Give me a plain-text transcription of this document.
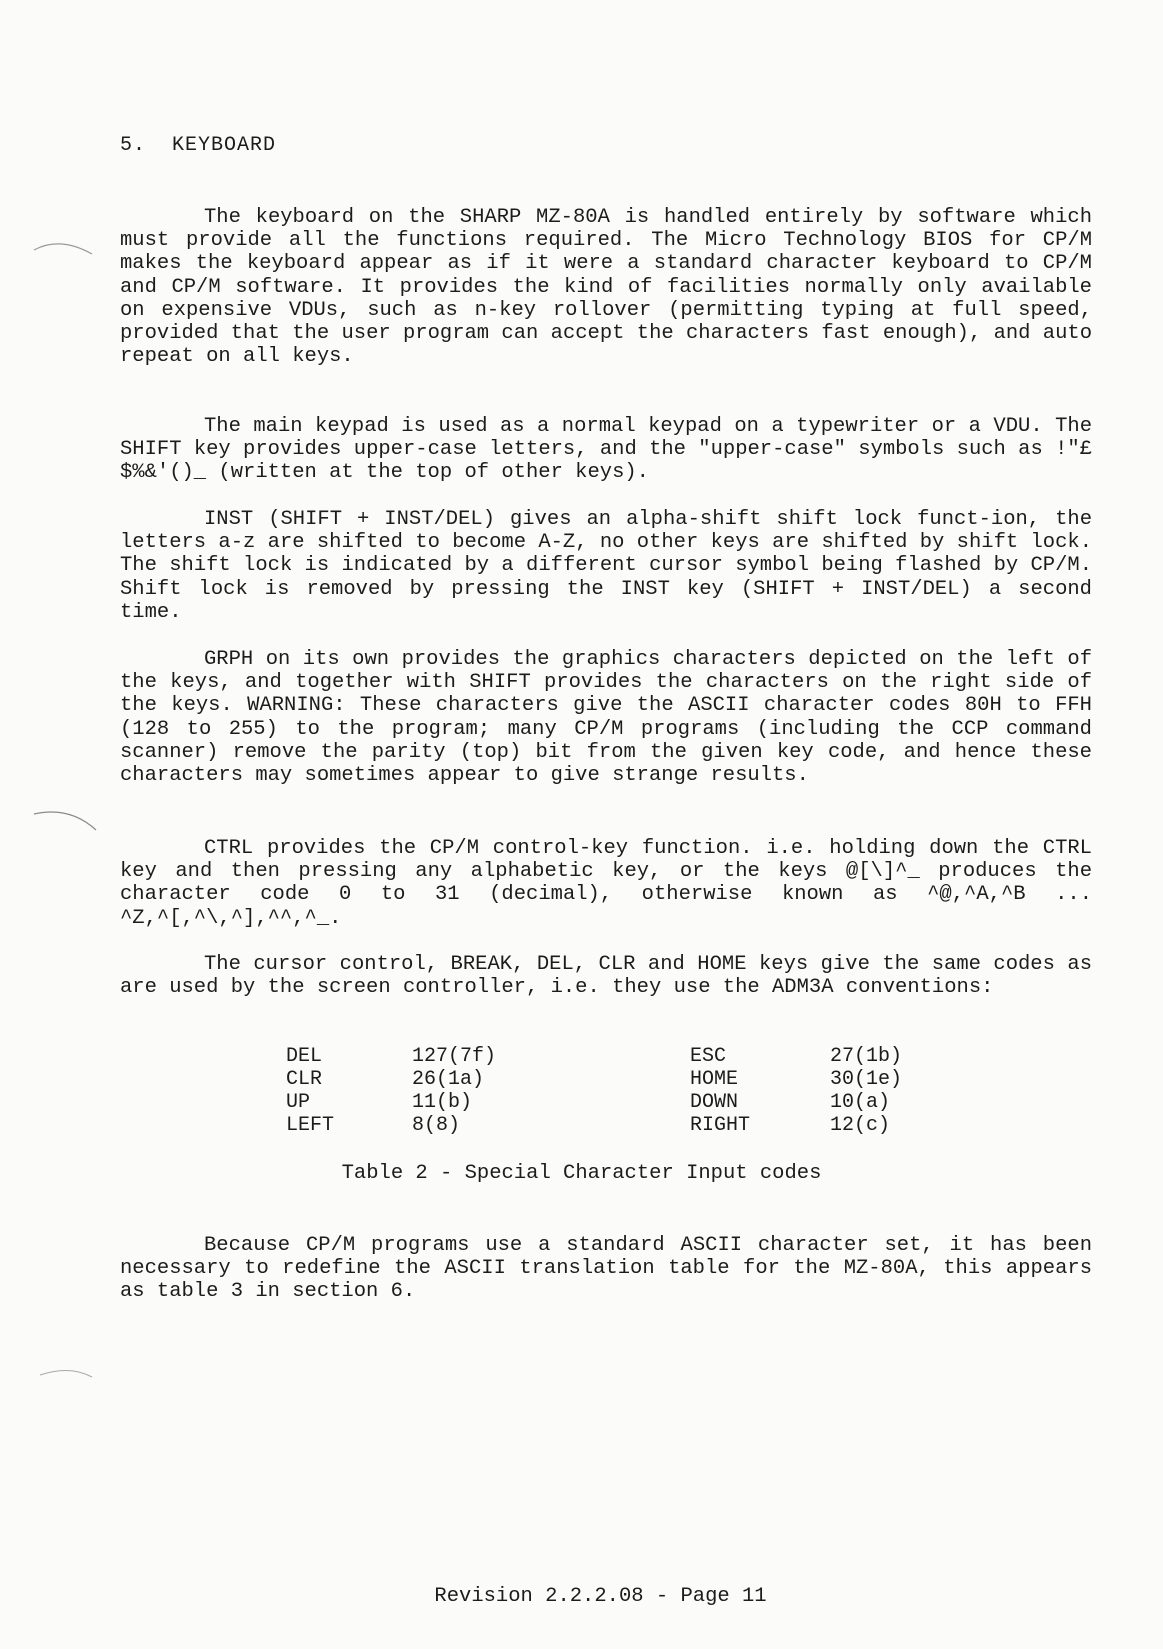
5.  KEYBOARD

The keyboard on the SHARP MZ-80A is handled entirely by software which must provide all the functions required. The Micro Technology BIOS for CP/M makes the keyboard appear as if it were a standard character keyboard to CP/M and CP/M software. It provides the kind of facilities normally only available on expensive VDUs, such as n-key rollover (permitting typing at full speed, provided that the user program can accept the characters fast enough), and auto repeat on all keys.

The main keypad is used as a normal keypad on a typewriter or a VDU. The SHIFT key provides upper-case letters, and the "upper-case" symbols such as !"£$%&'()_ (written at the top of other keys).

INST (SHIFT + INST/DEL) gives an alpha-shift shift lock funct-ion, the letters a-z are shifted to become A-Z, no other keys are shifted by shift lock. The shift lock is indicated by a different cursor symbol being flashed by CP/M. Shift lock is removed by pressing the INST key (SHIFT + INST/DEL) a second time.

GRPH on its own provides the graphics characters depicted on the left of the keys, and together with SHIFT provides the characters on the right side of the keys. WARNING: These characters give the ASCII character codes 80H to FFH (128 to 255) to the program; many CP/M programs (including the CCP command scanner) remove the parity (top) bit from the given key code, and hence these characters may sometimes appear to give strange results.

CTRL provides the CP/M control-key function. i.e. holding down the CTRL key and then pressing any alphabetic key, or the keys @[\]^_ produces the character code 0 to 31 (decimal), otherwise known as ^@,^A,^B ... ^Z,^[,^\,^],^^,^_.

The cursor control, BREAK, DEL, CLR and HOME keys give the same codes as are used by the screen controller, i.e. they use the ADM3A conventions:

DEL	127(7f)	ESC	27(1b)
CLR	26(1a)	HOME	30(1e)
UP	11(b)	DOWN	10(a)
LEFT	8(8)	RIGHT	12(c)
Table 2 - Special Character Input codes

Because CP/M programs use a standard ASCII character set, it has been necessary to redefine the ASCII translation table for the MZ-80A, this appears as table 3 in section 6.

Revision 2.2.2.08 - Page 11
